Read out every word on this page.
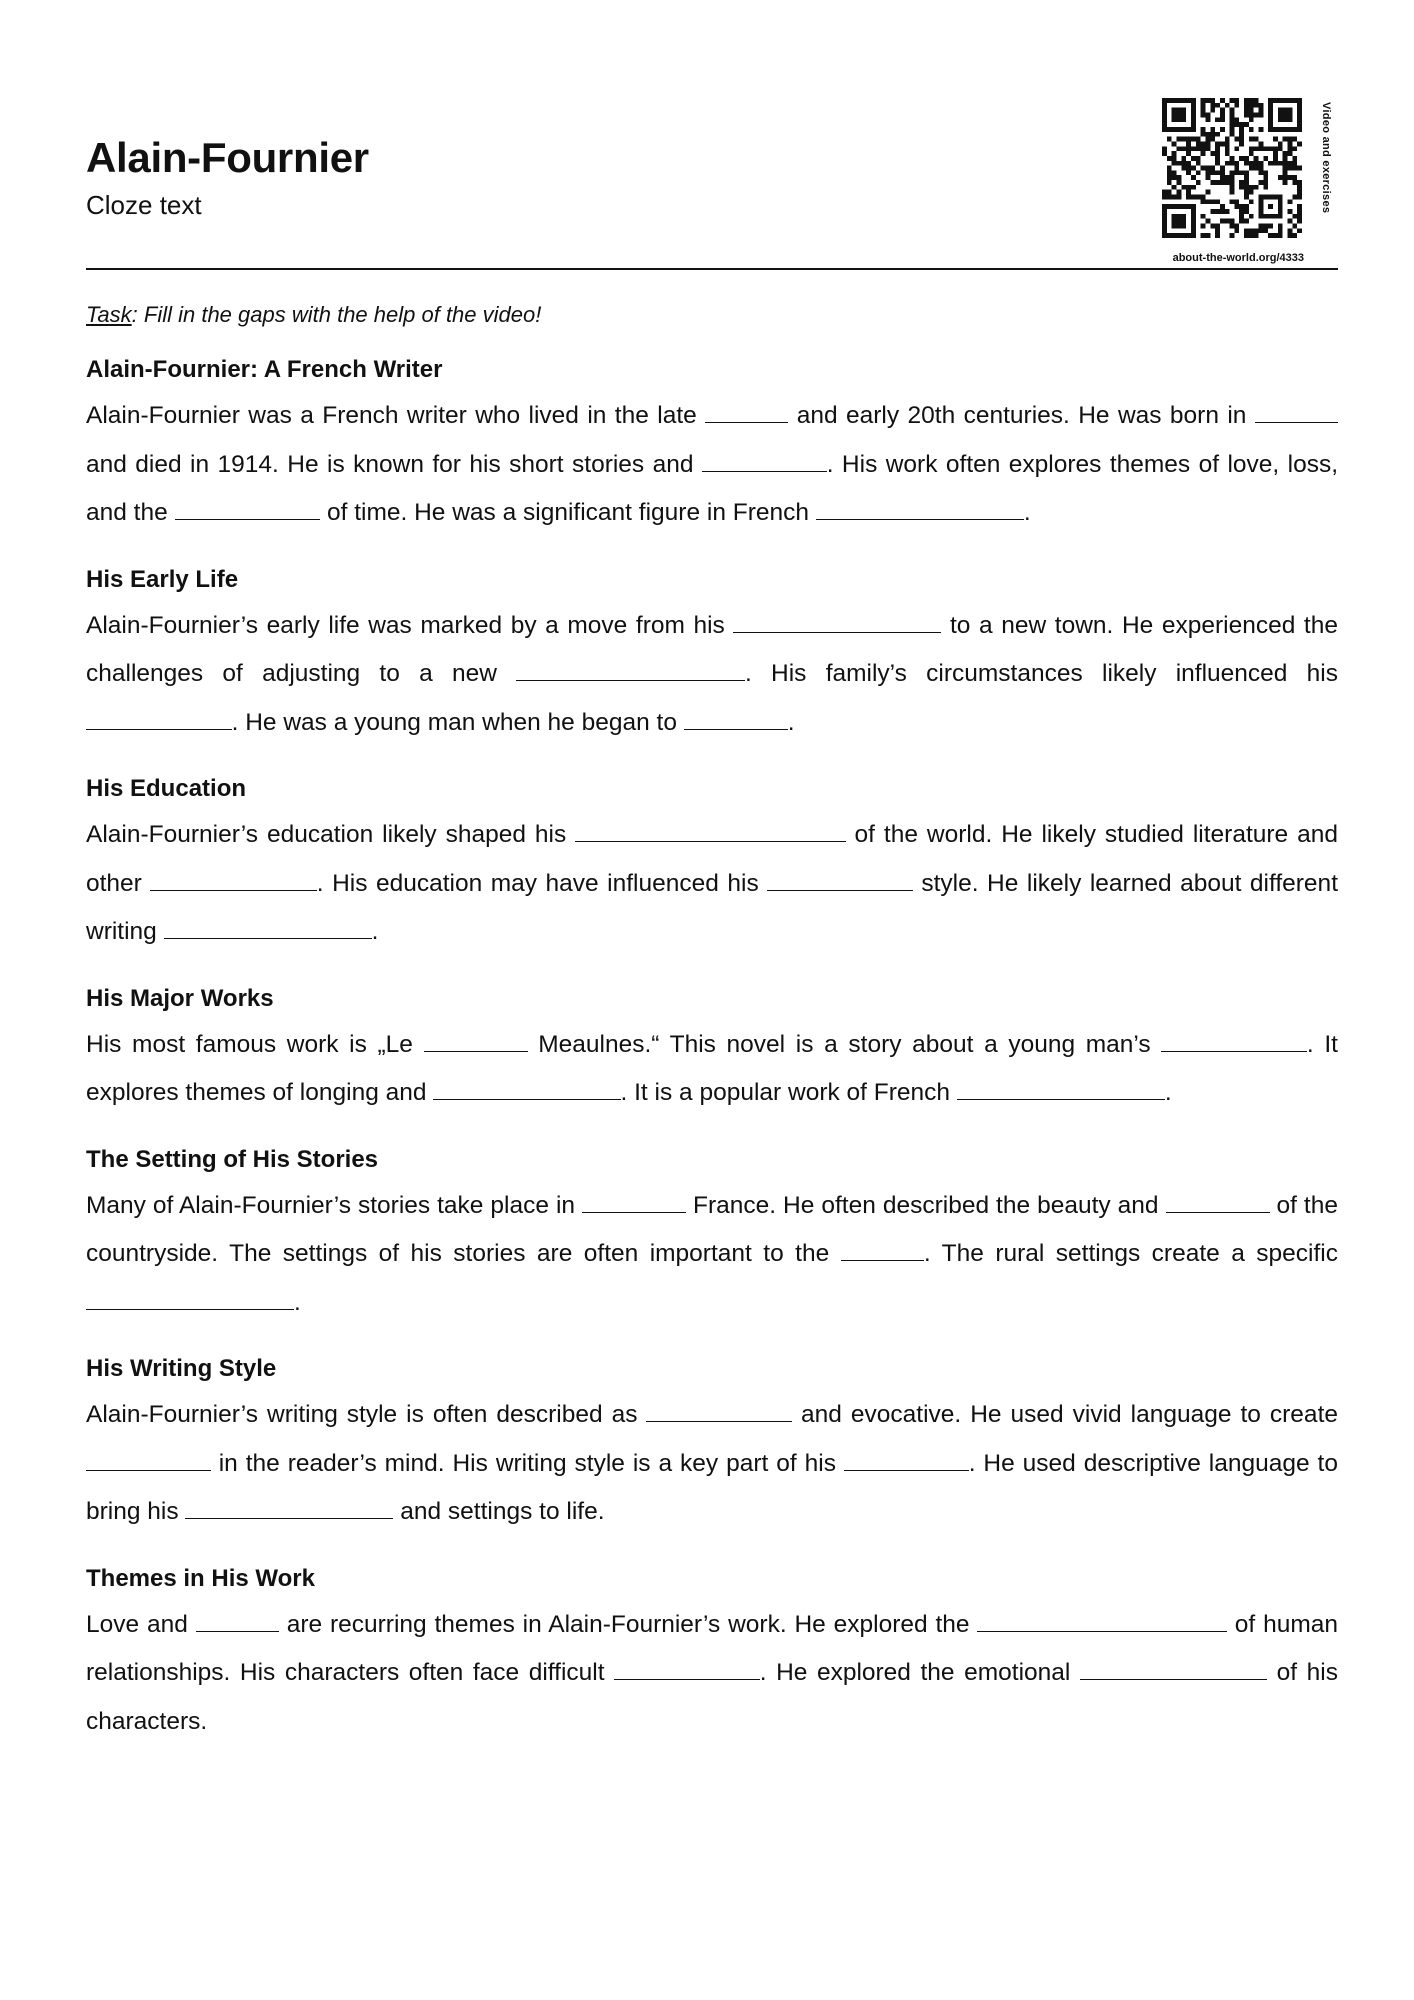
Alain-Fournier
Cloze text	Video and exercises
about-the-world.org/4333
Task: Fill in the gaps with the help of the video!
Alain-Fournier: A French Writer

Alain-Fournier was a French writer who lived in the late	and early 20th centuries. He was born in  and died in 1914. He is known for his short stories and	. His work often explores themes of love, loss, and the	of time. He was a significant figure in French	.

His Early Life

Alain-Fournier’s early life was marked by a move from his	to a new town. He experienced the challenges of adjusting to a new	. His family’s circumstances likely influenced his . He was a young man when he began to	.

His Education

Alain-Fournier’s education likely shaped his	of the world. He likely studied literature and other	. His education may have influenced his	style. He likely learned about different writing	.

His Major Works

His most famous work is „Le	Meaulnes.“ This novel is a story about a young man’s	. It explores themes of longing and	. It is a popular work of French	.

The Setting of His Stories

Many of Alain-Fournier’s stories take place in	France. He often described the beauty and	of the countryside. The settings of his stories are often important to the	. The rural settings create a specific .

His Writing Style

Alain-Fournier’s writing style is often described as	and evocative. He used vivid language to create  in the reader’s mind. His writing style is a key part of his	. He used descriptive language to bring his	and settings to life.

Themes in His Work

Love and	are recurring themes in Alain-Fournier’s work. He explored the	of human relationships. His characters often face difficult	. He explored the emotional	of his characters.
